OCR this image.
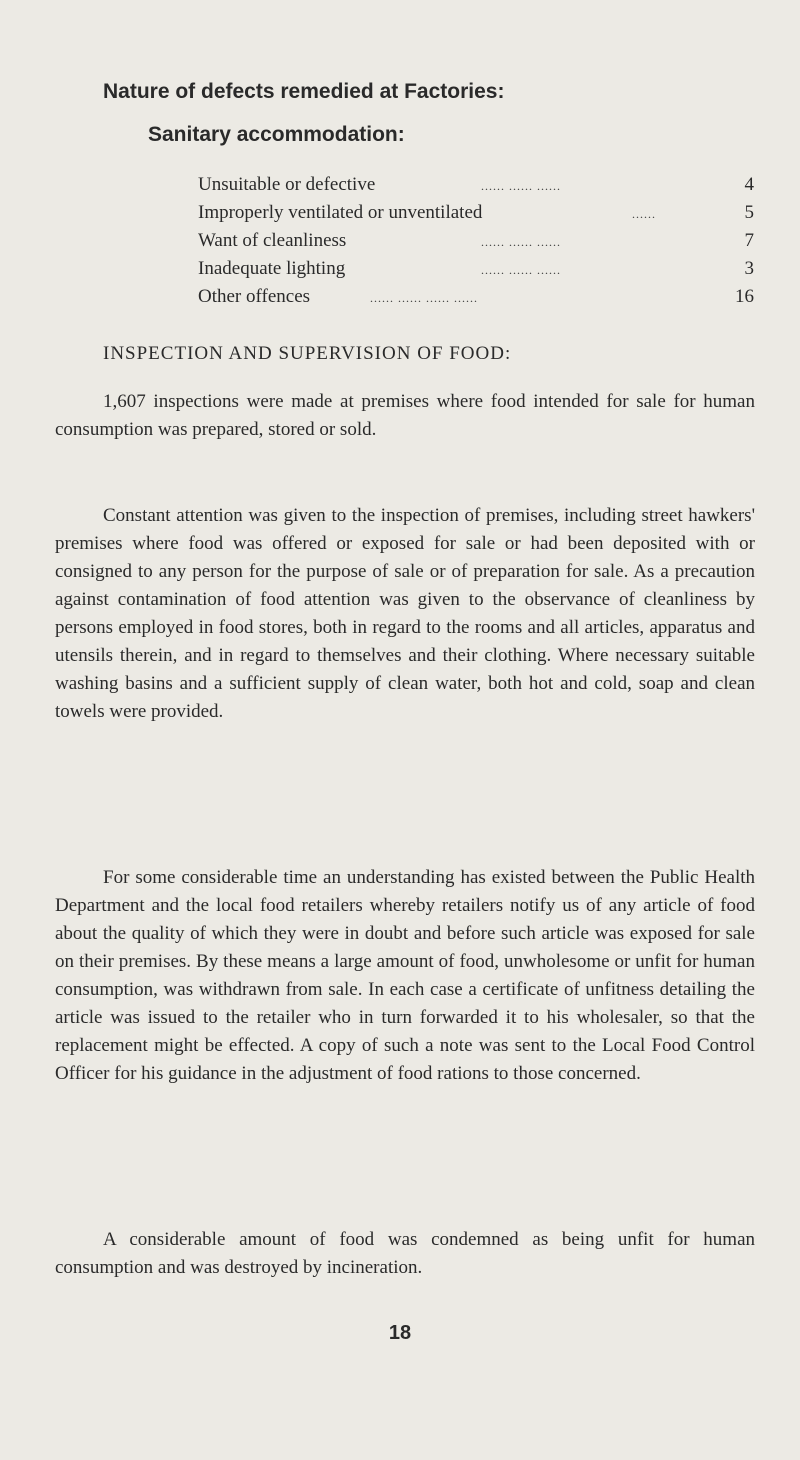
Nature of defects remedied at Factories:
Sanitary accommodation:
Unsuitable or defective	...... ...... ......	4
Improperly ventilated or unventilated	......	5
Want of cleanliness	...... ...... ......	7
Inadequate lighting	...... ...... ......	3
Other offences	...... ...... ...... ......	16
INSPECTION AND SUPERVISION OF FOOD:

1,607 inspections were made at premises where food intended for sale for human consumption was prepared, stored or sold.

Constant attention was given to the inspection of premises, including street hawkers' premises where food was offered or exposed for sale or had been deposited with or consigned to any person for the purpose of sale or of preparation for sale. As a precaution against contamination of food attention was given to the observance of cleanliness by persons employed in food stores, both in regard to the rooms and all articles, apparatus and utensils therein, and in regard to themselves and their clothing. Where necessary suitable washing basins and a sufficient supply of clean water, both hot and cold, soap and clean towels were provided.

For some considerable time an understanding has existed between the Public Health Department and the local food retailers whereby retailers notify us of any article of food about the quality of which they were in doubt and before such article was exposed for sale on their premises. By these means a large amount of food, unwholesome or unfit for human consumption, was withdrawn from sale. In each case a certificate of unfitness detailing the article was issued to the retailer who in turn forwarded it to his wholesaler, so that the replacement might be effected. A copy of such a note was sent to the Local Food Control Officer for his guidance in the adjustment of food rations to those concerned.

A considerable amount of food was condemned as being unfit for human consumption and was destroyed by incineration.

18
